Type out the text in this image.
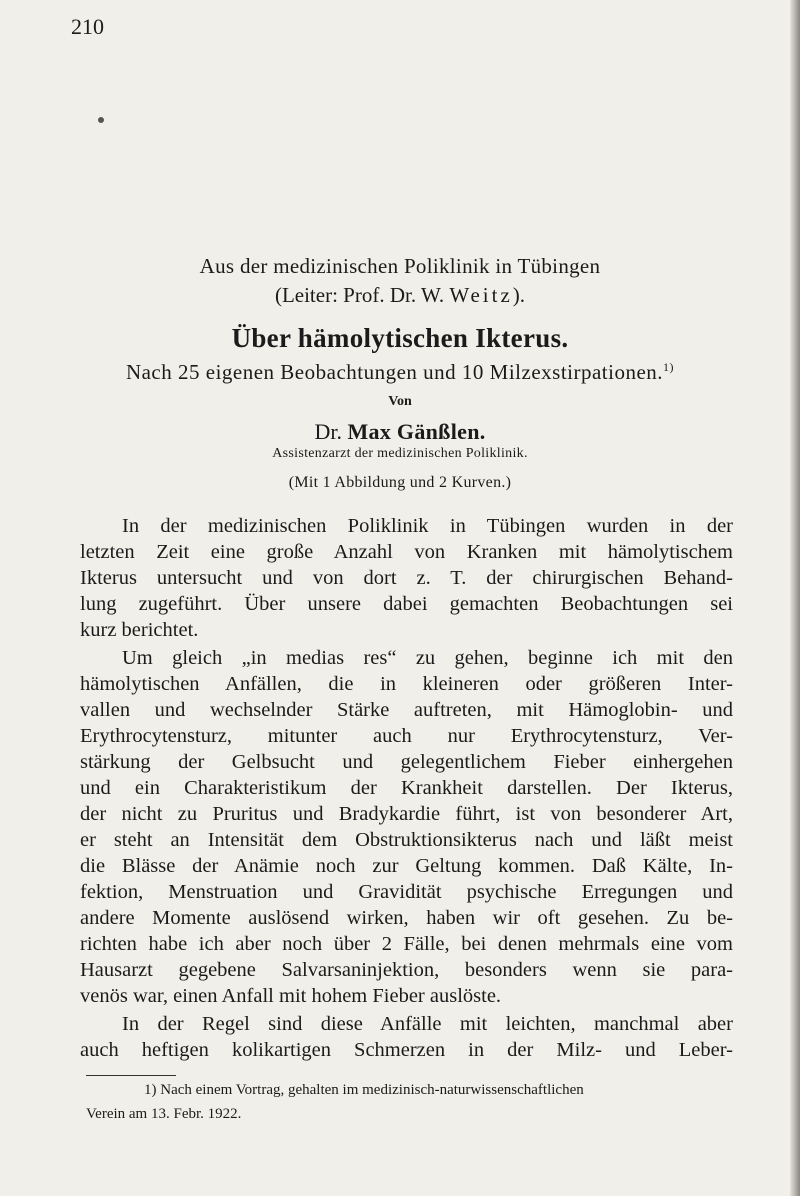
210
Aus der medizinischen Poliklinik in Tübingen
(Leiter: Prof. Dr. W. Weitz).
Über hämolytischen Ikterus.
Nach 25 eigenen Beobachtungen und 10 Milzexstirpationen.$^{1)}$
Von
Dr. Max Gänßlen.
Assistenzarzt der medizinischen Poliklinik.
(Mit 1 Abbildung und 2 Kurven.)
In der medizinischen Poliklinik in Tübingen wurden in der
letzten Zeit eine große Anzahl von Kranken mit hämolytischem
Ikterus untersucht und von dort z. T. der chirurgischen Behand-
lung zugeführt. Über unsere dabei gemachten Beobachtungen sei
kurz berichtet.
Um gleich „in medias res“ zu gehen, beginne ich mit den
hämolytischen Anfällen, die in kleineren oder größeren Inter-
vallen und wechselnder Stärke auftreten, mit Hämoglobin- und
Erythrocytensturz, mitunter auch nur Erythrocytensturz, Ver-
stärkung der Gelbsucht und gelegentlichem Fieber einhergehen
und ein Charakteristikum der Krankheit darstellen. Der Ikterus,
der nicht zu Pruritus und Bradykardie führt, ist von besonderer Art,
er steht an Intensität dem Obstruktionsikterus nach und läßt meist
die Blässe der Anämie noch zur Geltung kommen. Daß Kälte, In-
fektion, Menstruation und Gravidität psychische Erregungen und
andere Momente auslösend wirken, haben wir oft gesehen. Zu be-
richten habe ich aber noch über 2 Fälle, bei denen mehrmals eine vom
Hausarzt gegebene Salvarsaninjektion, besonders wenn sie para-
venös war, einen Anfall mit hohem Fieber auslöste.
In der Regel sind diese Anfälle mit leichten, manchmal aber
auch heftigen kolikartigen Schmerzen in der Milz- und Leber-
1) Nach einem Vortrag, gehalten im medizinisch-naturwissenschaftlichen
Verein am 13. Febr. 1922.
